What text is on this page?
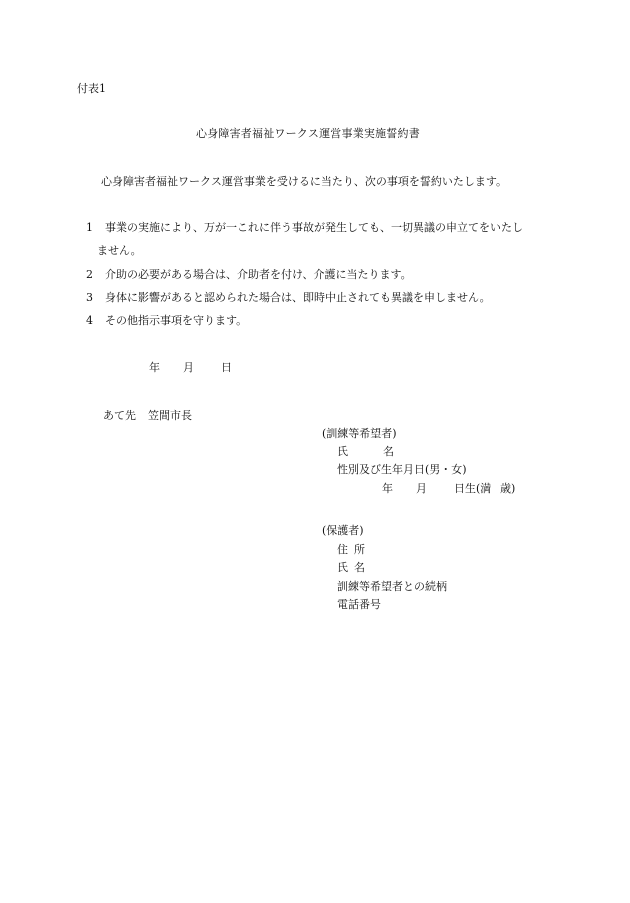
付表1
心身障害者福祉ワークス運営事業実施誓約書
心身障害者福祉ワークス運営事業を受けるに当たり、次の事項を誓約いたします。
1 事業の実施により、万が一これに伴う事故が発生しても、一切異議の申立てをいたし
ません。
2 介助の必要がある場合は、介助者を付け、介護に当たります。
3 身体に影響があると認められた場合は、即時中止されても異議を申しません。
4 その他指示事項を守ります。
年 月 日
あて先 笠間市長
(訓練等希望者)
氏	名
性別及び生年月日(男・女)
年 月 日生(満 歳)
(保護者)
住 所
氏 名
訓練等希望者との続柄
電話番号
